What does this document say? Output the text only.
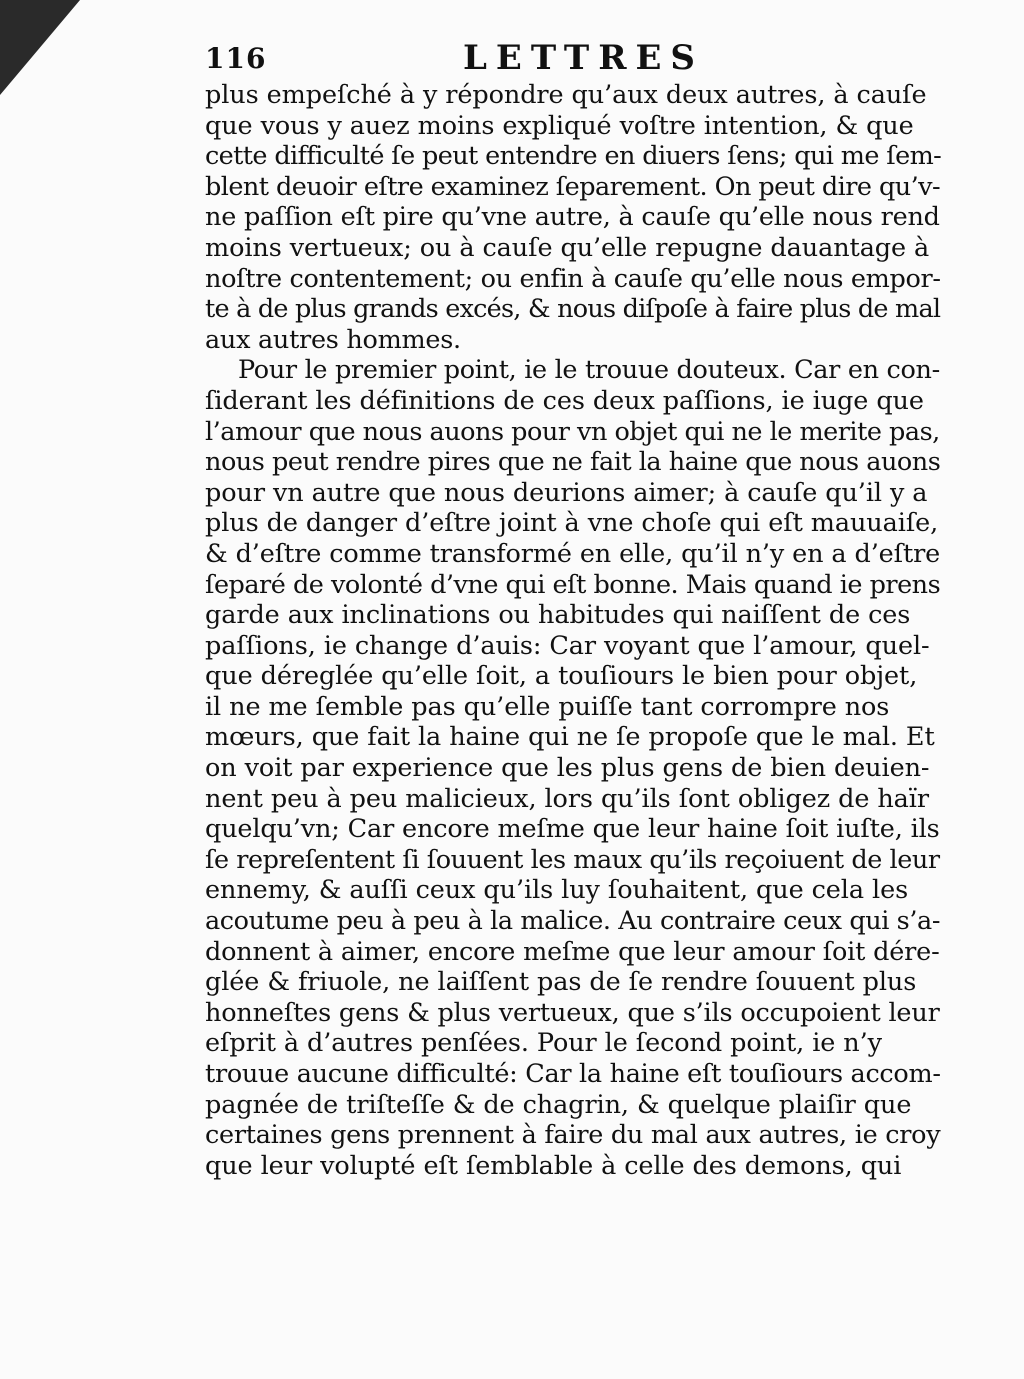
116	LETTRES
plus empeſché à y répondre qu’aux deux autres, à cauſe
que vous y auez moins expliqué voſtre intention, & que
cette difficulté ſe peut entendre en diuers ſens; qui me ſem-
blent deuoir eſtre examinez ſeparement. On peut dire qu’v-
ne paſſion eſt pire qu’vne autre, à cauſe qu’elle nous rend
moins vertueux; ou à cauſe qu’elle repugne dauantage à
noſtre contentement; ou enfin à cauſe qu’elle nous empor-
te à de plus grands excés, & nous diſpoſe à faire plus de mal
aux autres hommes.
Pour le premier point, ie le trouue douteux. Car en con-
ſiderant les définitions de ces deux paſſions, ie iuge que
l’amour que nous auons pour vn objet qui ne le merite pas,
nous peut rendre pires que ne fait la haine que nous auons
pour vn autre que nous deurions aimer; à cauſe qu’il y a
plus de danger d’eſtre joint à vne choſe qui eſt mauuaiſe,
& d’eſtre comme transformé en elle, qu’il n’y en a d’eſtre
ſeparé de volonté d’vne qui eſt bonne. Mais quand ie prens
garde aux inclinations ou habitudes qui naiſſent de ces
paſſions, ie change d’auis: Car voyant que l’amour, quel-
que déreglée qu’elle ſoit, a touſiours le bien pour objet,
il ne me ſemble pas qu’elle puiſſe tant corrompre nos
mœurs, que fait la haine qui ne ſe propoſe que le mal. Et
on voit par experience que les plus gens de bien deuien-
nent peu à peu malicieux, lors qu’ils ſont obligez de haïr
quelqu’vn; Car encore meſme que leur haine ſoit iuſte, ils
ſe repreſentent ſi ſouuent les maux qu’ils reçoiuent de leur
ennemy, & auſſi ceux qu’ils luy ſouhaitent, que cela les
acoutume peu à peu à la malice. Au contraire ceux qui s’a-
donnent à aimer, encore meſme que leur amour ſoit dére-
glée & friuole, ne laiſſent pas de ſe rendre ſouuent plus
honneſtes gens & plus vertueux, que s’ils occupoient leur
eſprit à d’autres penſées. Pour le ſecond point, ie n’y
trouue aucune difficulté: Car la haine eſt touſiours accom-
pagnée de triſteſſe & de chagrin, & quelque plaiſir que
certaines gens prennent à faire du mal aux autres, ie croy
que leur volupté eſt ſemblable à celle des demons, qui
